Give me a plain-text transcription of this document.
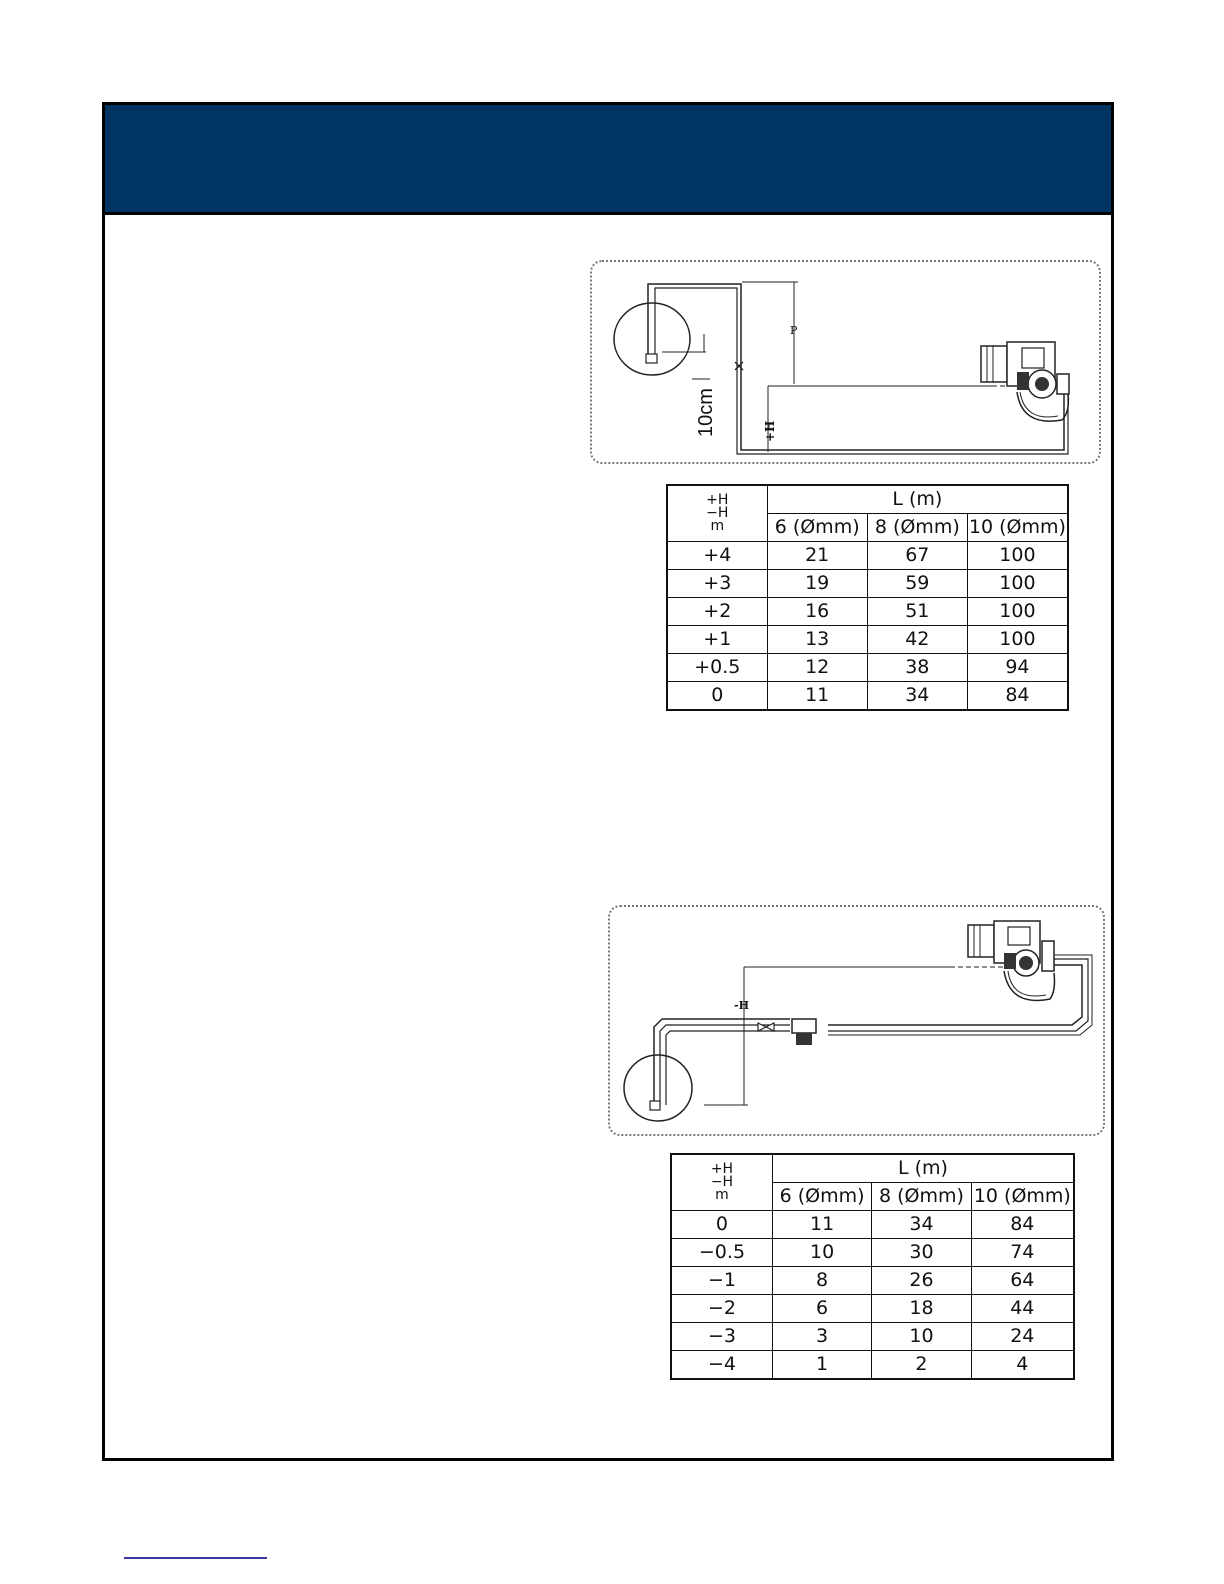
10cm
P
+H
+H
−H
m	L (m)		
	6 (Ømm)	8 (Ømm)	10 (Ømm)
+4	21	67	100
+3	19	59	100
+2	16	51	100
+1	13	42	100
+0.5	12	38	94
0	11	34	84
-H
+H
−H
m	L (m)		
	6 (Ømm)	8 (Ømm)	10 (Ømm)
0	11	34	84
−0.5	10	30	74
−1	8	26	64
−2	6	18	44
−3	3	10	24
−4	1	2	4
